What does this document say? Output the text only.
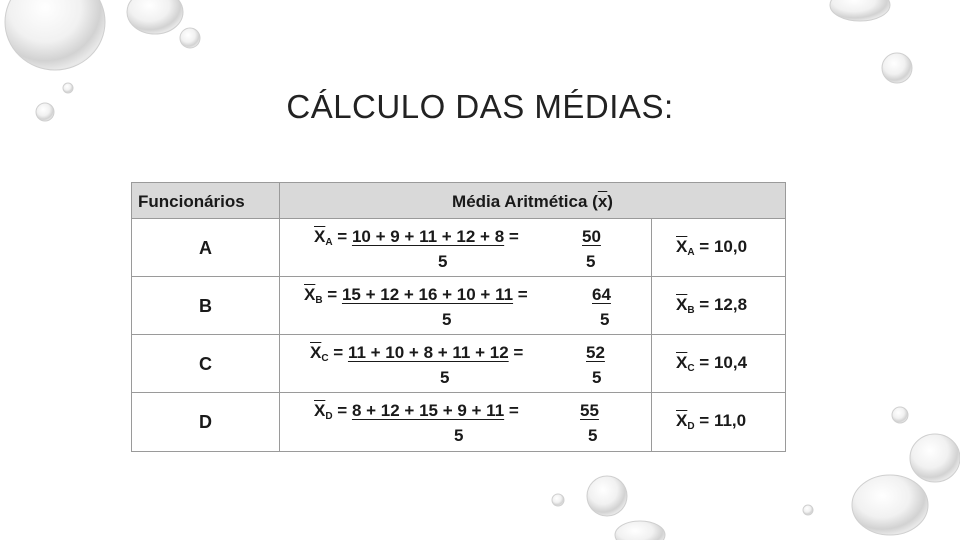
CÁLCULO DAS MÉDIAS:
Funcionários	Média Aritmética $(\overline{x})$
A
$\overline{X}_A = 10 + 9 + 11 + 12 + 8$ =	50
5	5
$\overline{X}_A = 10,0$
B
$\overline{X}_B = 15 + 12 + 16 + 10 + 11$ =	64
5	5
$\overline{X}_B = 12,8$
C
$\overline{X}_C = 11 + 10 + 8 + 11 + 12$ =	52
5	5
$\overline{X}_C = 10,4$
D
$\overline{X}_D = 8 + 12 + 15 + 9 + 11$ =	55
5	5
$\overline{X}_D = 11,0$
